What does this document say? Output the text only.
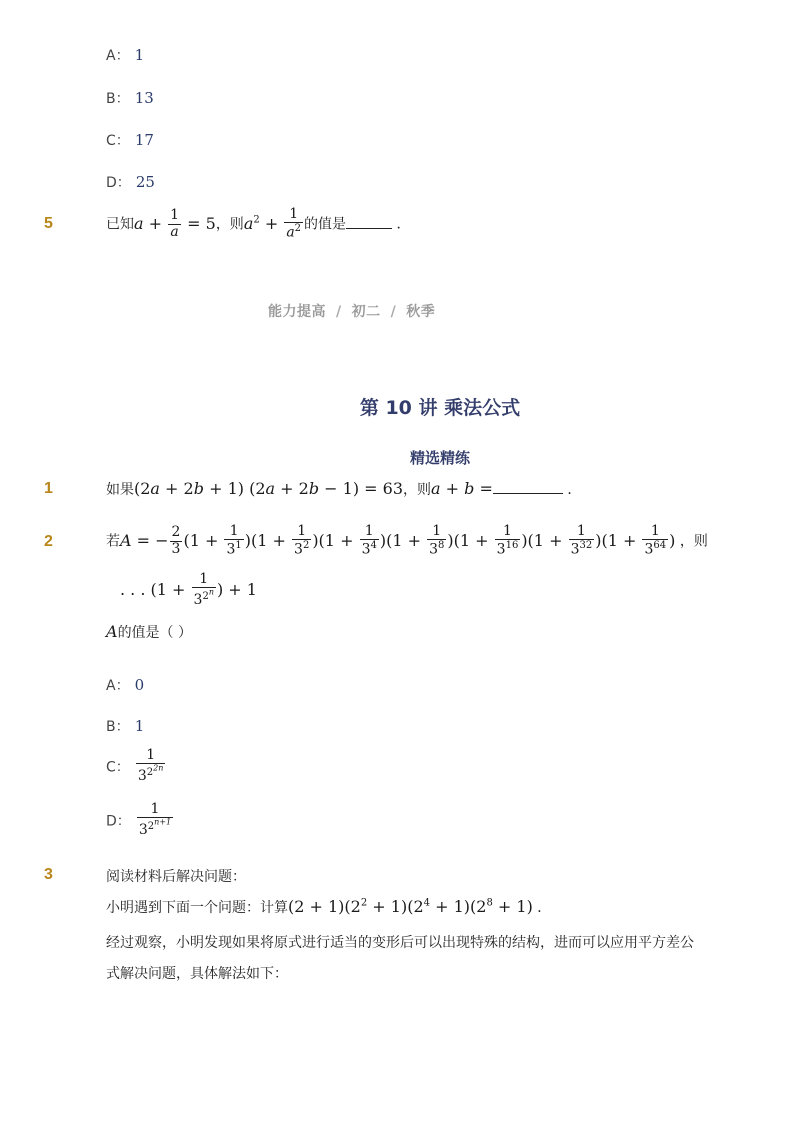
A： 1
B： 13
C： 17
D： 25
5	已知$a + \frac{1}{a} = 5$，则$a^2 + \frac{1}{a^2}$ 的值是	．
能力提高 / 初二 / 秋季
第 10 讲 乘法公式
精选精练
1	如果(2a + 2b + 1) (2a + 2b − 1) = 63，则a + b =	．
2	若A = − $\frac{2}{3} (1 + \frac{1}{3^1} )(1 + \frac{1}{3^2} )(1 + \frac{1}{3^4} )(1 + \frac{1}{3^8} )(1 + \frac{1}{3^{16}} )(1 + \frac{1}{3^{32}} )(1 + \frac{1}{3^{64}}$ ) ，则
. . . ($1 + \frac{1}{3^{2^n}}$ ) + 1
A的值是（ ）
A： 0
B： 1
C： $\frac{1}{3^{2^{2n}}}$
D： $\frac{1}{3^{2^{n+1}}}$
3	阅读材料后解决问题：
小明遇到下面一个问题：计算$(2 + 1)(2^2 + 1)(2^4 + 1)(2^8 + 1)$ ．
经过观察，小明发现如果将原式进行适当的变形后可以出现特殊的结构，进而可以应用平方差公
式解决问题，具体解法如下：
